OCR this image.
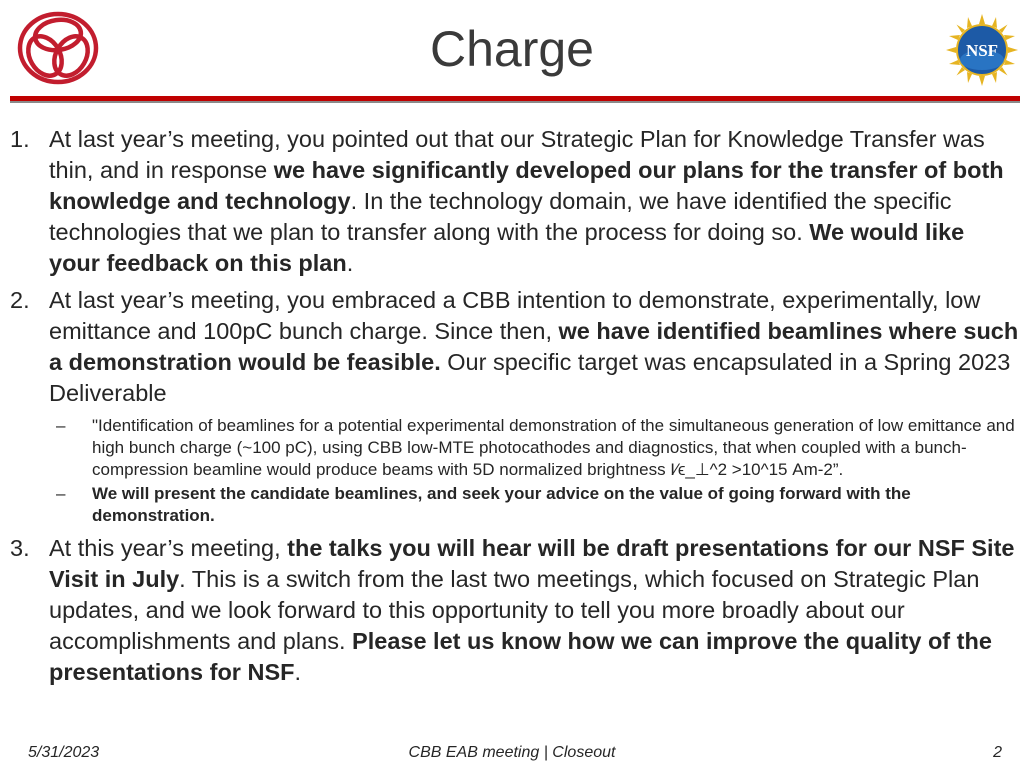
NSF
Charge
1. At last year’s meeting, you pointed out that our Strategic Plan for Knowledge Transfer was thin, and in response we have significantly developed our plans for the transfer of both knowledge and technology. In the technology domain, we have identified the specific technologies that we plan to transfer along with the process for doing so. We would like your feedback on this plan.
2. At last year’s meeting, you embraced a CBB intention to demonstrate, experimentally, low emittance and 100pC bunch charge. Since then, we have identified beamlines where such a demonstration would be feasible. Our specific target was encapsulated in a Spring 2023 Deliverable
– "Identification of beamlines for a potential experimental demonstration of the simultaneous generation of low emittance and high bunch charge (~100 pC), using CBB low-MTE photocathodes and diagnostics, that when coupled with a bunch-compression beamline would produce beams with 5D normalized brightness I⁄ϵ_⊥^2 >10^15 Am-2”.
– We will present the candidate beamlines, and seek your advice on the value of going forward with the demonstration.
3. At this year’s meeting, the talks you will hear will be draft presentations for our NSF Site Visit in July. This is a switch from the last two meetings, which focused on Strategic Plan updates, and we look forward to this opportunity to tell you more broadly about our accomplishments and plans. Please let us know how we can improve the quality of the presentations for NSF.
5/31/2023	CBB EAB meeting | Closeout	2
